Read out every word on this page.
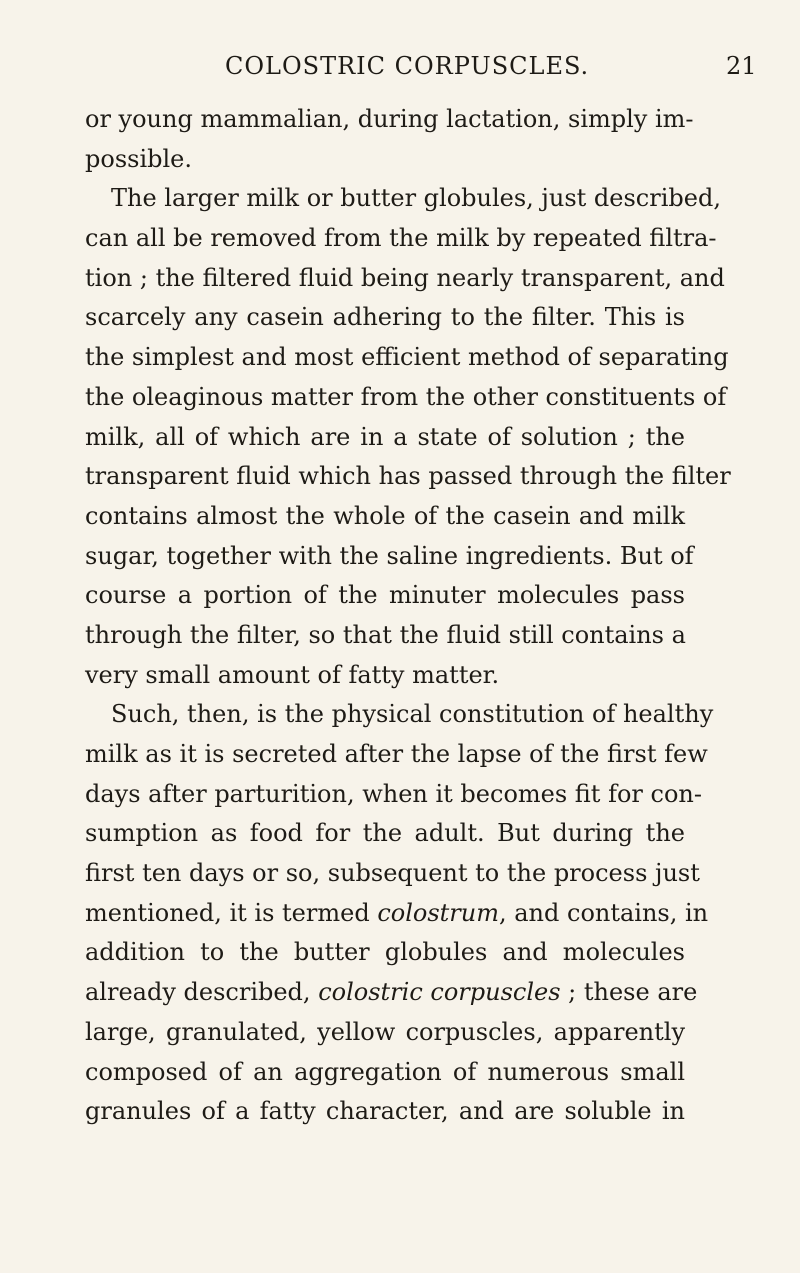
COLOSTRIC CORPUSCLES.	21
or young mammalian, during lactation, simply im-
possible.
The larger milk or butter globules, just described,
can all be removed from the milk by repeated filtra-
tion ; the filtered fluid being nearly transparent, and
scarcely any casein adhering to the filter. This is
the simplest and most efficient method of separating
the oleaginous matter from the other constituents of
milk, all of which are in a state of solution ; the
transparent fluid which has passed through the filter
contains almost the whole of the casein and milk
sugar, together with the saline ingredients. But of
course a portion of the minuter molecules pass
through the filter, so that the fluid still contains a
very small amount of fatty matter.
Such, then, is the physical constitution of healthy
milk as it is secreted after the lapse of the first few
days after parturition, when it becomes fit for con-
sumption as food for the adult. But during the
first ten days or so, subsequent to the process just
mentioned, it is termed colostrum, and contains, in
addition to the butter globules and molecules
already described, colostric corpuscles ; these are
large, granulated, yellow corpuscles, apparently
composed of an aggregation of numerous small
granules of a fatty character, and are soluble in
